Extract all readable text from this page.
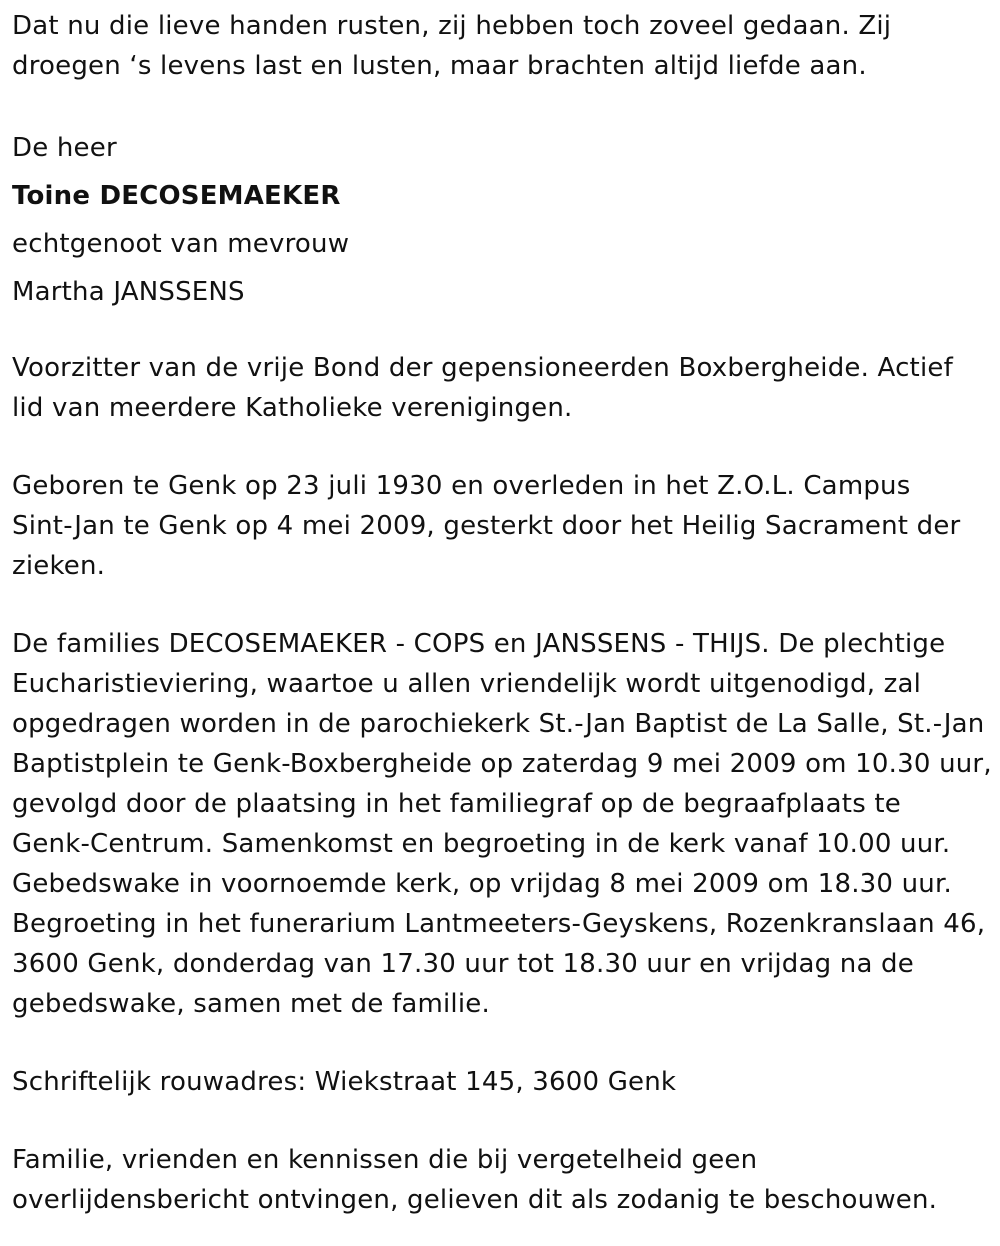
Dat nu die lieve handen rusten, zij hebben toch zoveel gedaan. Zij
droegen ‘s levens last en lusten, maar brachten altijd liefde aan.

De heer

Toine DECOSEMAEKER

echtgenoot van mevrouw

Martha JANSSENS

Voorzitter van de vrije Bond der gepensioneerden Boxbergheide. Actief
lid van meerdere Katholieke verenigingen.

Geboren te Genk op 23 juli 1930 en overleden in het Z.O.L. Campus
Sint-Jan te Genk op 4 mei 2009, gesterkt door het Heilig Sacrament der
zieken.

De families DECOSEMAEKER - COPS en JANSSENS - THIJS. De plechtige
Eucharistieviering, waartoe u allen vriendelijk wordt uitgenodigd, zal
opgedragen worden in de parochiekerk St.-Jan Baptist de La Salle, St.-Jan
Baptistplein te Genk-Boxbergheide op zaterdag 9 mei 2009 om 10.30 uur,
gevolgd door de plaatsing in het familiegraf op de begraafplaats te
Genk-Centrum. Samenkomst en begroeting in de kerk vanaf 10.00 uur.
Gebedswake in voornoemde kerk, op vrijdag 8 mei 2009 om 18.30 uur.
Begroeting in het funerarium Lantmeeters-Geyskens, Rozenkranslaan 46,
3600 Genk, donderdag van 17.30 uur tot 18.30 uur en vrijdag na de
gebedswake, samen met de familie.

Schriftelijk rouwadres: Wiekstraat 145, 3600 Genk

Familie, vrienden en kennissen die bij vergetelheid geen
overlijdensbericht ontvingen, gelieven dit als zodanig te beschouwen.
